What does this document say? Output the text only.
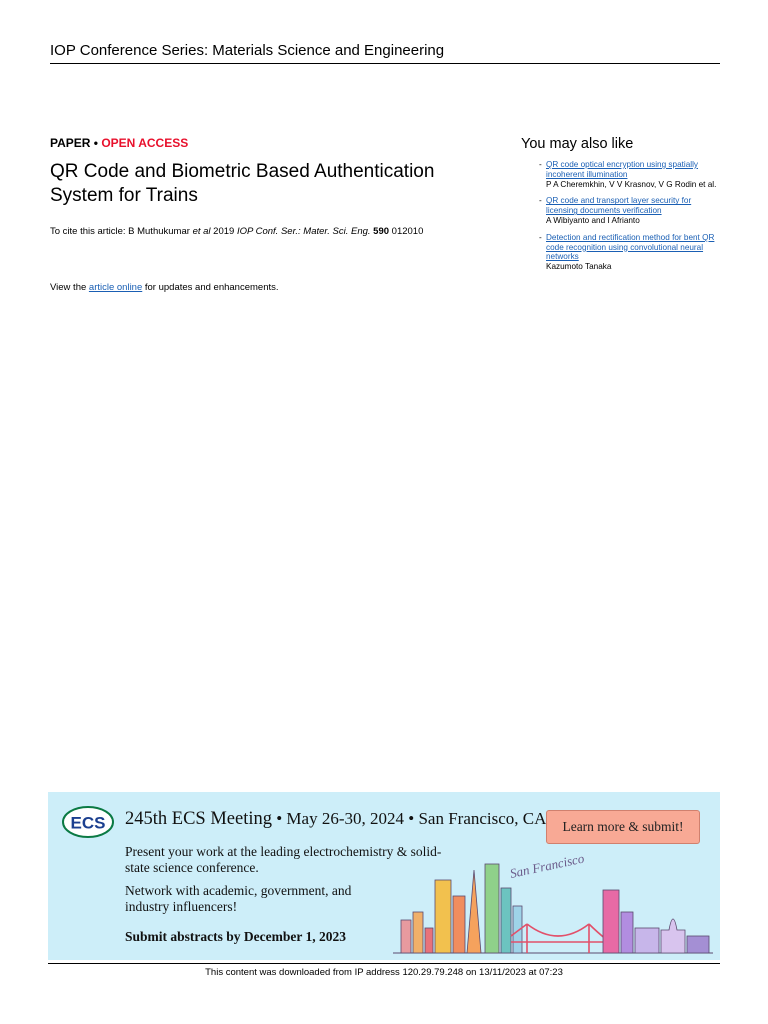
IOP Conference Series: Materials Science and Engineering
PAPER • OPEN ACCESS
QR Code and Biometric Based Authentication System for Trains
To cite this article: B Muthukumar et al 2019 IOP Conf. Ser.: Mater. Sci. Eng. 590 012010
View the article online for updates and enhancements.
You may also like
- QR code optical encryption using spatially incoherent illumination
P A Cheremkhin, V V Krasnov, V G Rodin et al.
- QR code and transport layer security for licensing documents verification
A Wibiyanto and I Afrianto
- Detection and rectification method for bent QR code recognition using convolutional neural networks
Kazumoto Tanaka
ECS 245th ECS Meeting • May 26-30, 2024 • San Francisco, CA	Learn more & submit!
Present your work at the leading electrochemistry & solid-state science conference.
Network with academic, government, and industry influencers!
Submit abstracts by December 1, 2023
San Francisco
This content was downloaded from IP address 120.29.79.248 on 13/11/2023 at 07:23
